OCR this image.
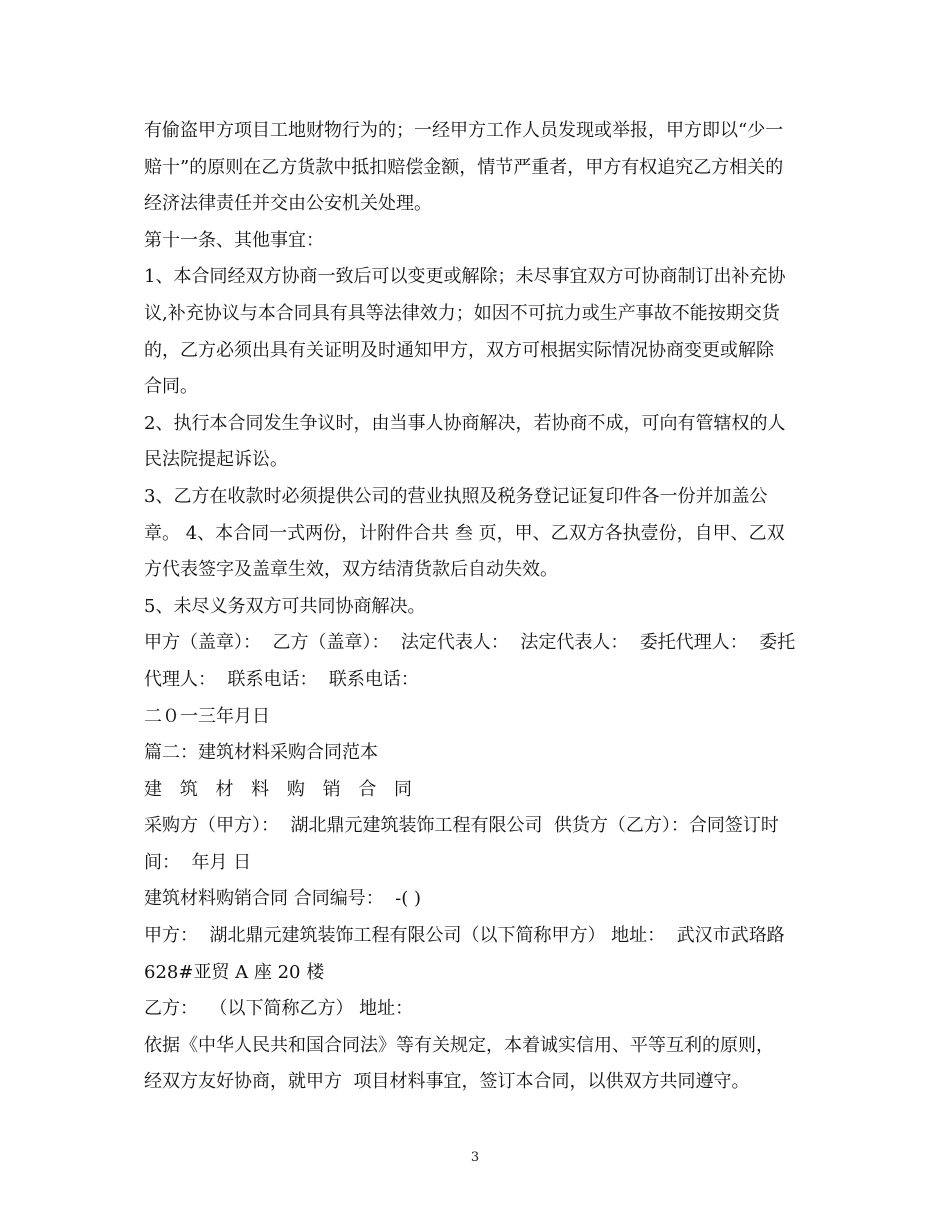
有偷盗甲方项目工地财物行为的；一经甲方工作人员发现或举报，甲方即以“少一
赔十”的原则在乙方货款中抵扣赔偿金额，情节严重者，甲方有权追究乙方相关的
经济法律责任并交由公安机关处理。
第十一条、其他事宜：
1、本合同经双方协商一致后可以变更或解除；未尽事宜双方可协商制订出补充协
议,补充协议与本合同具有具等法律效力；如因不可抗力或生产事故不能按期交货
的，乙方必须出具有关证明及时通知甲方，双方可根据实际情况协商变更或解除
合同。
2、执行本合同发生争议时，由当事人协商解决，若协商不成，可向有管辖权的人
民法院提起诉讼。
3、乙方在收款时必须提供公司的营业执照及税务登记证复印件各一份并加盖公
章。 4、本合同一式两份，计附件合共 叁 页，甲、乙双方各执壹份，自甲、乙双
方代表签字及盖章生效，双方结清货款后自动失效。
5、未尽义务双方可共同协商解决。
甲方（盖章）：  乙方（盖章）：  法定代表人：  法定代表人：  委托代理人：  委托
代理人：  联系电话：  联系电话：
二０一三年月日
篇二：建筑材料采购合同范本
建 筑 材 料 购 销 合 同
采购方（甲方）：  湖北鼎元建筑装饰工程有限公司  供货方（乙方）：合同签订时
间：  年月 日
建筑材料购销合同 合同编号：  -( )
甲方：  湖北鼎元建筑装饰工程有限公司（以下简称甲方） 地址：  武汉市武珞路
628#亚贸 A 座 20 楼
乙方：  （以下简称乙方） 地址：
依据《中华人民共和国合同法》等有关规定，本着诚实信用、平等互利的原则，
经双方友好协商，就甲方  项目材料事宜，签订本合同，以供双方共同遵守。
3
